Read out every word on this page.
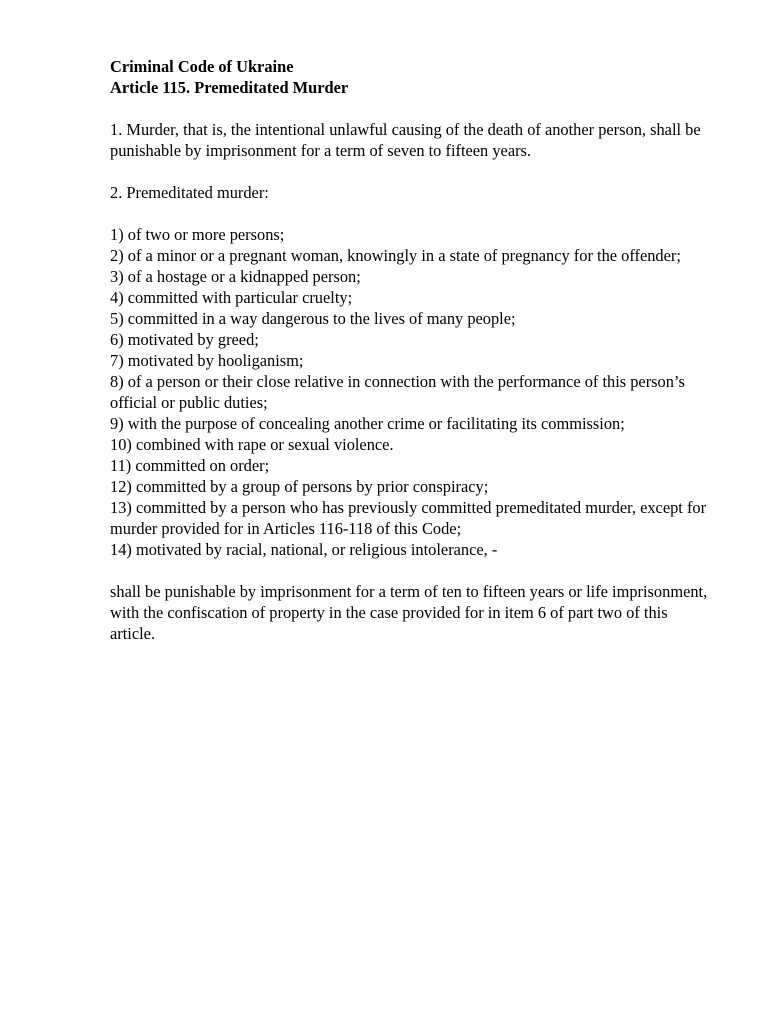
Criminal Code of Ukraine
Article 115. Premeditated Murder

1. Murder, that is, the intentional unlawful causing of the death of another person, shall be punishable by imprisonment for a term of seven to fifteen years.

2. Premeditated murder:

1) of two or more persons;
2) of a minor or a pregnant woman, knowingly in a state of pregnancy for the offender;
3) of a hostage or a kidnapped person;
4) committed with particular cruelty;
5) committed in a way dangerous to the lives of many people;
6) motivated by greed;
7) motivated by hooliganism;
8) of a person or their close relative in connection with the performance of this person’s official or public duties;
9) with the purpose of concealing another crime or facilitating its commission;
10) combined with rape or sexual violence.
11) committed on order;
12) committed by a group of persons by prior conspiracy;
13) committed by a person who has previously committed premeditated murder, except for murder provided for in Articles 116-118 of this Code;
14) motivated by racial, national, or religious intolerance, -

shall be punishable by imprisonment for a term of ten to fifteen years or life imprisonment, with the confiscation of property in the case provided for in item 6 of part two of this article.
